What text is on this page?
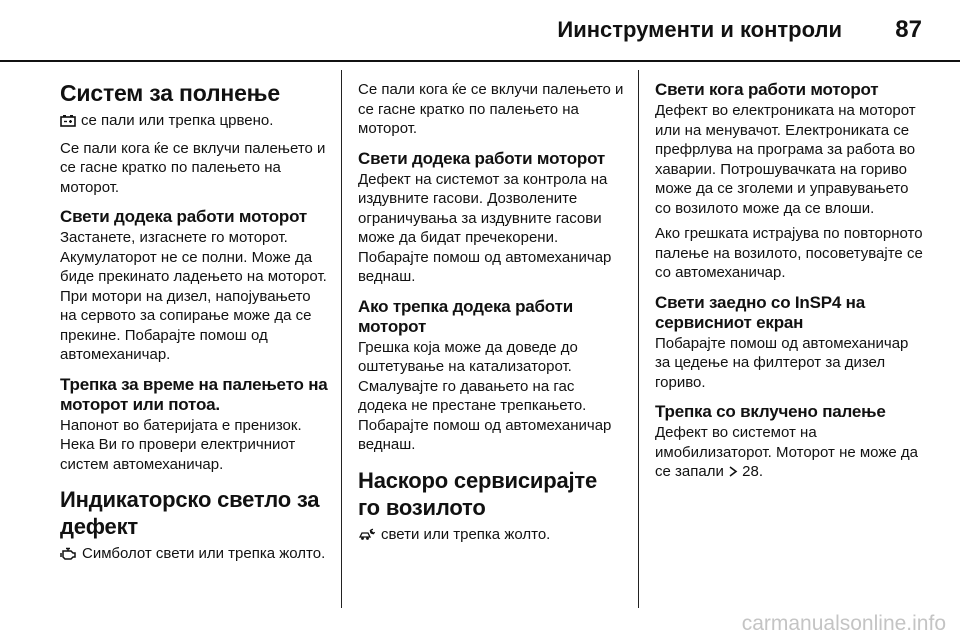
Иинструменти и контроли 87
Систем за полнење
се пали или трепка црвено.
Се пали кога ќе се вклучи палењето и се гасне кратко по палењето на моторот.
Свети додека работи моторот
Застанете, изгаснете го моторот. Акумулаторот не се полни. Може да биде прекинато ладењето на моторот. При мотори на дизел, напојувањето на сервото за сопирање може да се прекине. Побарајте помош од автомеханичар.
Трепка за време на палењето на моторот или потоа.
Напонот во батеријата е пренизок. Нека Ви го провери електричниот систем автомеханичар.
Индикаторско светло за дефект
Симболот свети или трепка жолто.
Се пали кога ќе се вклучи палењето и се гасне кратко по палењето на моторот.
Свети додека работи моторот
Дефект на системот за контрола на издувните гасови. Дозволените ограничувања за издувните гасови може да бидат пречекорени. Побарајте помош од автомеханичар веднаш.
Ако трепка додека работи моторот
Грешка која може да доведе до оштетување на катализаторот. Смалувајте го давањето на гас додека не престане трепкањето. Побарајте помош од автомеханичар веднаш.
Наскоро сервисирајте го возилото
свети или трепка жолто.
Свети кога работи моторот
Дефект во електрониката на моторот или на менувачот. Електрониката се префрлува на програма за работа во хаварии. Потрошувачката на гориво може да се зголеми и управувањето со возилото може да се влоши.
Ако грешката истрајува по повторното палење на возилото, посоветувајте се со автомеханичар.
Свети заедно со InSP4 на сервисниот екран
Побарајте помош од автомеханичар за цедење на филтерот за дизел гориво.
Трепка со вклучено палење
Дефект во системот на имобилизаторот. Моторот не може да се запали 28.
carmanualsonline.info
